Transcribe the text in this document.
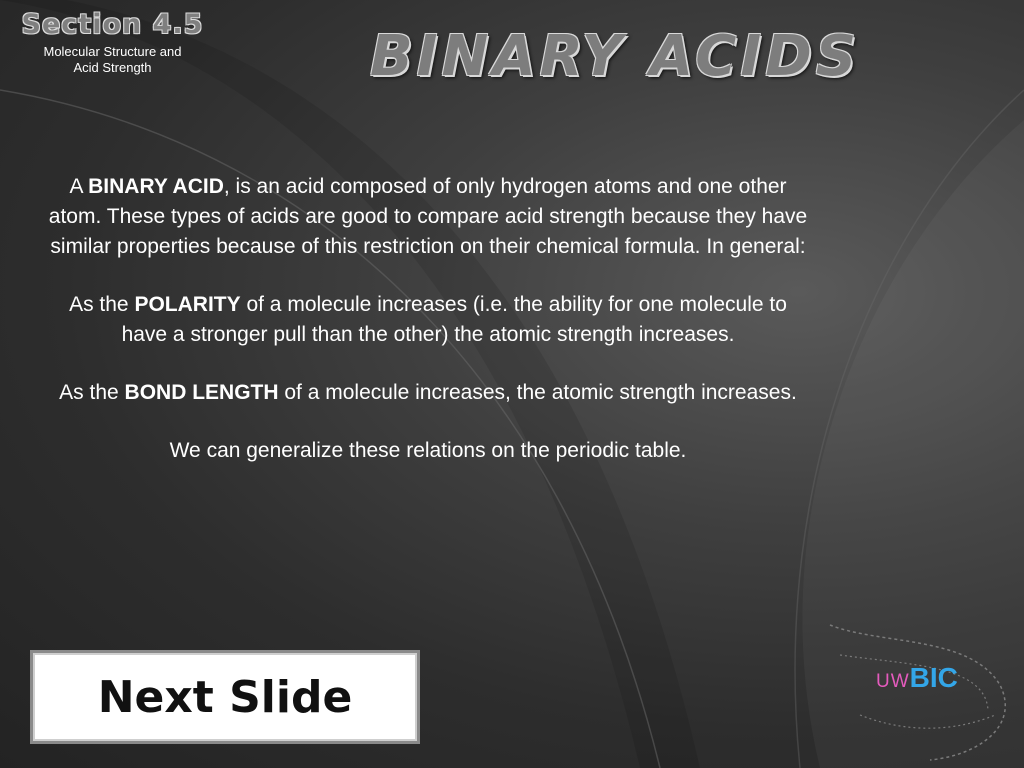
Section 4.5
Molecular Structure and
Acid Strength	BINARY ACIDS

A BINARY ACID, is an acid composed of only hydrogen atoms and one other atom. These types of acids are good to compare acid strength because they have similar properties because of this restriction on their chemical formula. In general:

As the POLARITY of a molecule increases (i.e. the ability for one molecule to have a stronger pull than the other) the atomic strength increases.

As the BOND LENGTH of a molecule increases, the atomic strength increases.

We can generalize these relations on the periodic table.

Next Slide	UWBIC
